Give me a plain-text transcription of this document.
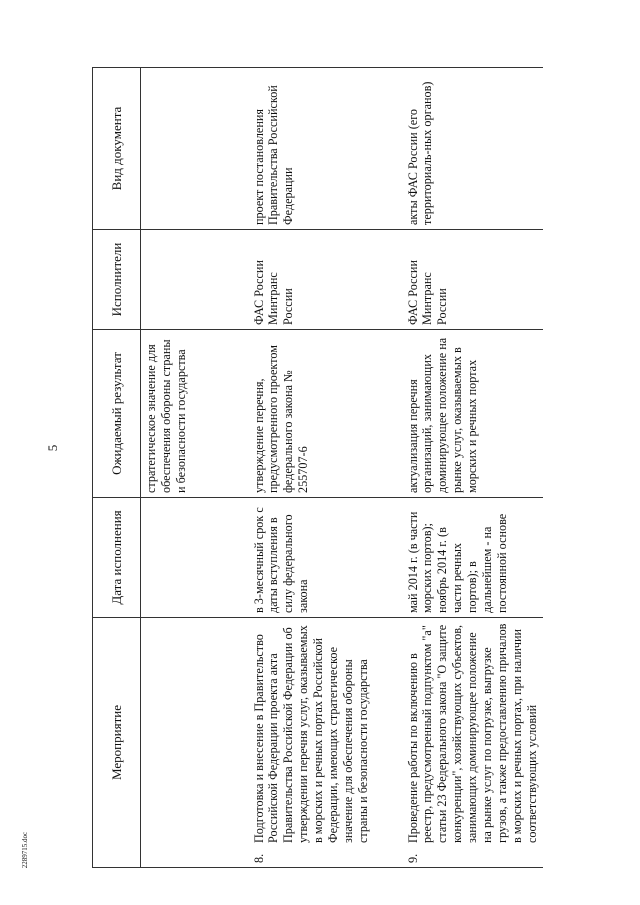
5
2289715.doc
Мероприятие	Дата исполнения	Ожидаемый результат	Исполнители	Вид документа

		стратегическое значение для обеспечения обороны страны и безопасности государства		

8.
Подготовка и внесение в Правительство Российской Федерации проекта акта Правительства Российской Федерации об утверждении перечня услуг, оказываемых в морских и речных портах Российской Федерации, имеющих стратегическое значение для обеспечения обороны страны и безопасности государства	в 3-месячный срок с даты вступления в силу федерального закона	утверждение перечня, предусмотренного проектом федерального закона № 255707-6	ФАС России Минтранс России	проект постановления Правительства Российской Федерации

9.
Проведение работы по включению в реестр, предусмотренный подпунктом "а" статьи 23 Федерального закона "О защите конкуренции", хозяйствующих субъектов, занимающих доминирующее положение на рынке услуг по погрузке, выгрузке грузов, а также предоставлению причалов в морских и речных портах, при наличии соответствующих условий	май 2014 г. (в части морских портов); ноябрь 2014 г. (в части речных портов); в дальнейшем - на постоянной основе	актуализация перечня организаций, занимающих доминирующее положение на рынке услуг, оказываемых в морских и речных портах	ФАС России Минтранс России	акты ФАС России (его территориаль-ных органов)
